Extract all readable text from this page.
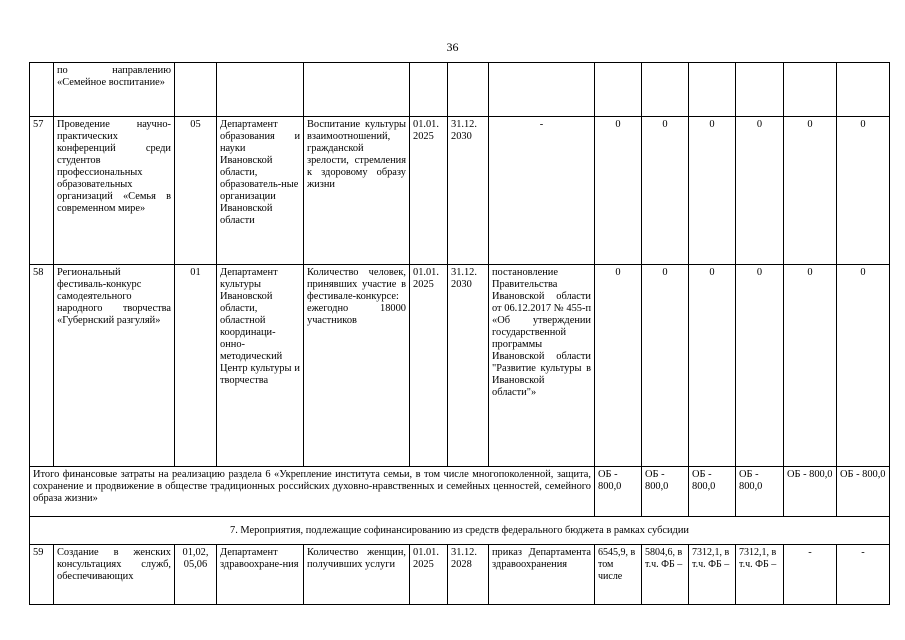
36
	по направлению «Семейное воспитание»												
57	Проведение научно-практических конференций среди студентов профессиональных образовательных организаций «Семья в современном мире»	05	Департамент образования и науки Ивановской области, образователь-ные организации Ивановской области	Воспитание культуры взаимоотношений, гражданской зрелости, стремления к здоровому образу жизни	01.01. 2025	31.12. 2030	-	0	0	0	0	0	0
58	Региональный фестиваль-конкурс самодеятельного народного творчества «Губернский разгуляй»	01	Департамент культуры Ивановской области, областной координаци-онно-методический Центр культуры и творчества	Количество человек, принявших участие в фестивале-конкурсе: ежегодно 18000 участников	01.01. 2025	31.12. 2030	постановление Правительства Ивановской области от 06.12.2017 № 455-п «Об утверждении государственной программы Ивановской области "Развитие культуры в Ивановской области"»	0	0	0	0	0	0
Итого финансовые затраты на реализацию раздела 6 «Укрепление института семьи, в том числе многопоколенной, защита, сохранение и продвижение в обществе традиционных российских духовно-нравственных и семейных ценностей, семейного образа жизни»								ОБ - 800,0	ОБ - 800,0	ОБ - 800,0	ОБ - 800,0	ОБ - 800,0	ОБ - 800,0
7. Мероприятия, подлежащие софинансированию из средств федерального бюджета в рамках субсидии													
59	Создание в женских консультациях служб, обеспечивающих	01,02, 05,06	Департамент здравоохране-ния	Количество женщин, получивших услуги	01.01. 2025	31.12. 2028	приказ Департамента здравоохранения	6545,9, в том числе	5804,6, в т.ч. ФБ –	7312,1, в т.ч. ФБ –	7312,1, в т.ч. ФБ –	-	-
